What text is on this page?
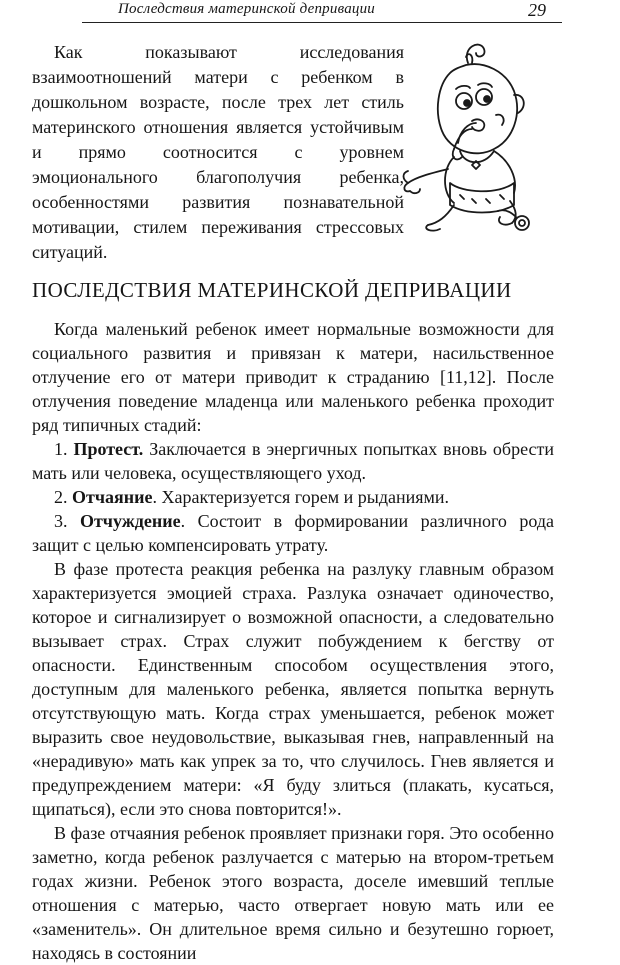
Последствия материнской депривации	29

Как показывают исследования взаимоотношений матери с ребенком в дошкольном возрасте, после трех лет стиль материнского отношения является устойчивым и прямо соотносится с уровнем эмоционального благополучия ребенка, особенностями развития познавательной мотивации, стилем переживания стрессовых ситуаций.

ПОСЛЕДСТВИЯ МАТЕРИНСКОЙ ДЕПРИВАЦИИ

Когда маленький ребенок имеет нормальные возможности для социального развития и привязан к матери, насильственное отлучение его от матери приводит к страданию [11,12]. После отлучения поведение младенца или маленького ребенка проходит ряд типичных стадий:

1. Протест. Заключается в энергичных попытках вновь обрести мать или человека, осуществляющего уход.

2. Отчаяние. Характеризуется горем и рыданиями.

3. Отчуждение. Состоит в формировании различного рода защит с целью компенсировать утрату.

В фазе протеста реакция ребенка на разлуку главным образом характеризуется эмоцией страха. Разлука означает одиночество, которое и сигнализирует о возможной опасности, а следовательно вызывает страх. Страх служит побуждением к бегству от опасности. Единственным способом осуществления этого, доступным для маленького ребенка, является попытка вернуть отсутствующую мать. Когда страх уменьшается, ребенок может выразить свое неудовольствие, выказывая гнев, направленный на «нерадивую» мать как упрек за то, что случилось. Гнев является и предупреждением матери: «Я буду злиться (плакать, кусаться, щипаться), если это снова повторится!».

В фазе отчаяния ребенок проявляет признаки горя. Это особенно заметно, когда ребенок разлучается с матерью на втором-третьем годах жизни. Ребенок этого возраста, доселе имевший теплые отношения с матерью, часто отвергает новую мать или ее «заменитель». Он длительное время сильно и безутешно горюет, находясь в состоянии
